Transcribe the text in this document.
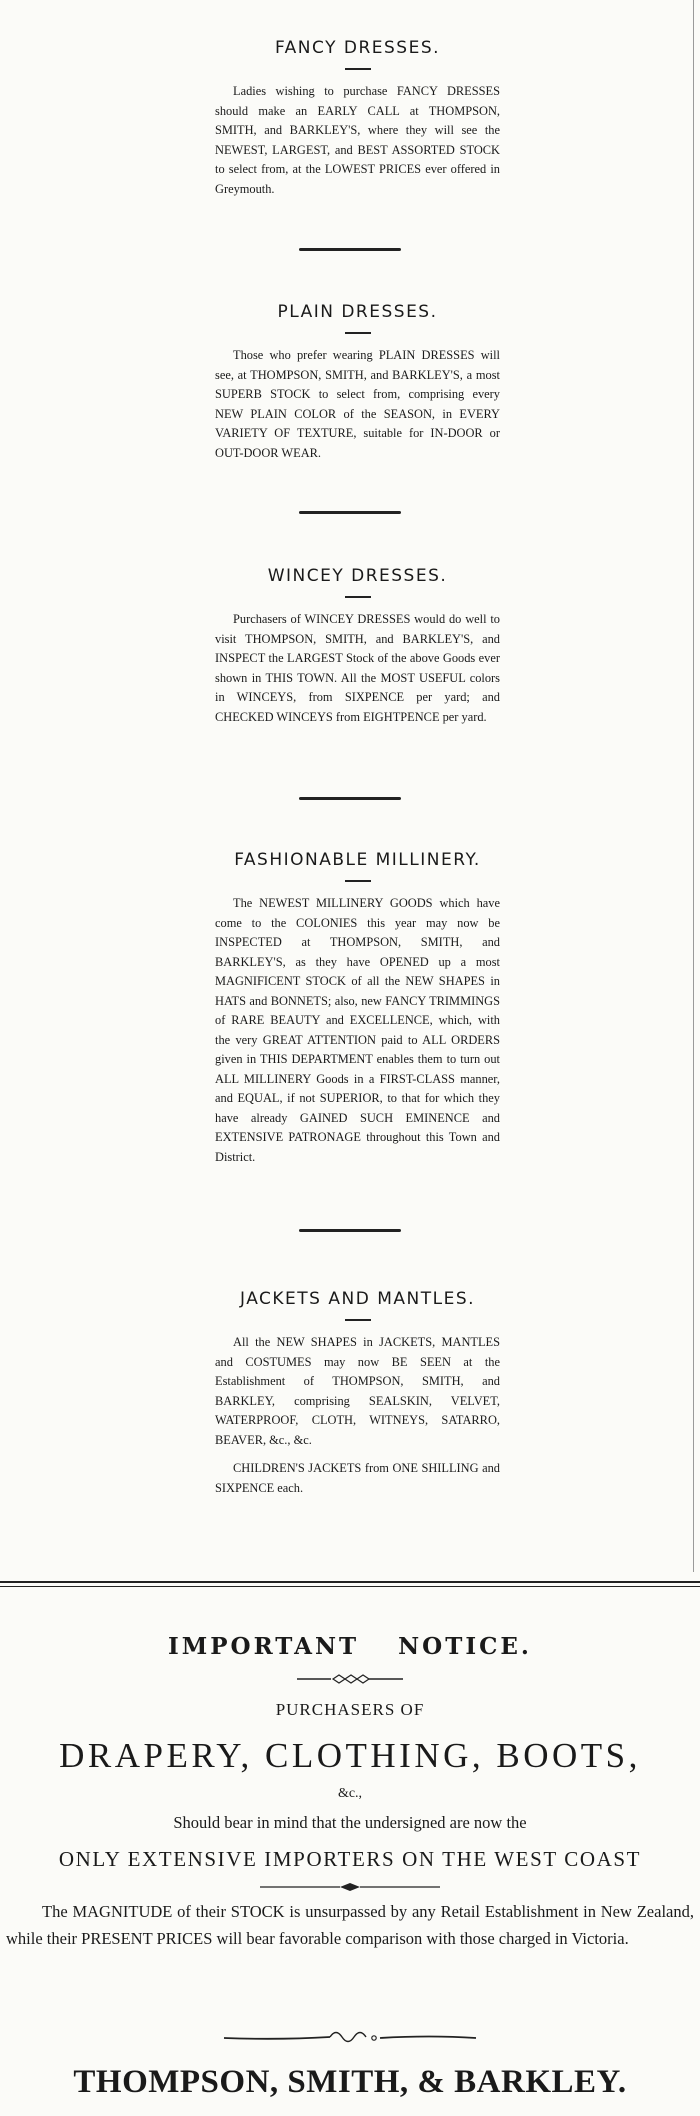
FANCY DRESSES.

Ladies wishing to purchase FANCY DRESSES should make an EARLY CALL at THOMPSON, SMITH, and BARKLEY'S, where they will see the NEWEST, LARGEST, and BEST ASSORTED STOCK to select from, at the LOWEST PRICES ever offered in Greymouth.

PLAIN DRESSES.

Those who prefer wearing PLAIN DRESSES will see, at THOMPSON, SMITH, and BARKLEY'S, a most SUPERB STOCK to select from, comprising every NEW PLAIN COLOR of the SEASON, in EVERY VARIETY OF TEXTURE, suitable for IN-DOOR or OUT-DOOR WEAR.

WINCEY DRESSES.

Purchasers of WINCEY DRESSES would do well to visit THOMPSON, SMITH, and BARKLEY'S, and INSPECT the LARGEST Stock of the above Goods ever shown in THIS TOWN. All the MOST USEFUL colors in WINCEYS, from SIXPENCE per yard; and CHECKED WINCEYS from EIGHTPENCE per yard.

FASHIONABLE MILLINERY.

The NEWEST MILLINERY GOODS which have come to the COLONIES this year may now be INSPECTED at THOMPSON, SMITH, and BARKLEY'S, as they have OPENED up a most MAGNIFICENT STOCK of all the NEW SHAPES in HATS and BONNETS; also, new FANCY TRIMMINGS of RARE BEAUTY and EXCELLENCE, which, with the very GREAT ATTENTION paid to ALL ORDERS given in THIS DEPARTMENT enables them to turn out ALL MILLINERY Goods in a FIRST-CLASS manner, and EQUAL, if not SUPERIOR, to that for which they have already GAINED SUCH EMINENCE and EXTENSIVE PATRONAGE throughout this Town and District.

JACKETS AND MANTLES.

All the NEW SHAPES in JACKETS, MANTLES and COSTUMES may now BE SEEN at the Establishment of THOMPSON, SMITH, and BARKLEY, comprising SEALSKIN, VELVET, WATERPROOF, CLOTH, WITNEYS, SATARRO, BEAVER, &c., &c.

CHILDREN'S JACKETS from ONE SHILLING and SIXPENCE each.

IMPORTANT NOTICE.
PURCHASERS OF
DRAPERY, CLOTHING, BOOTS,
&c.,
Should bear in mind that the undersigned are now the
ONLY EXTENSIVE IMPORTERS ON THE WEST COAST

The MAGNITUDE of their STOCK is unsurpassed by any Retail Establishment in New Zealand, while their PRESENT PRICES will bear favorable comparison with those charged in Victoria.

THOMPSON, SMITH, & BARKLEY.
